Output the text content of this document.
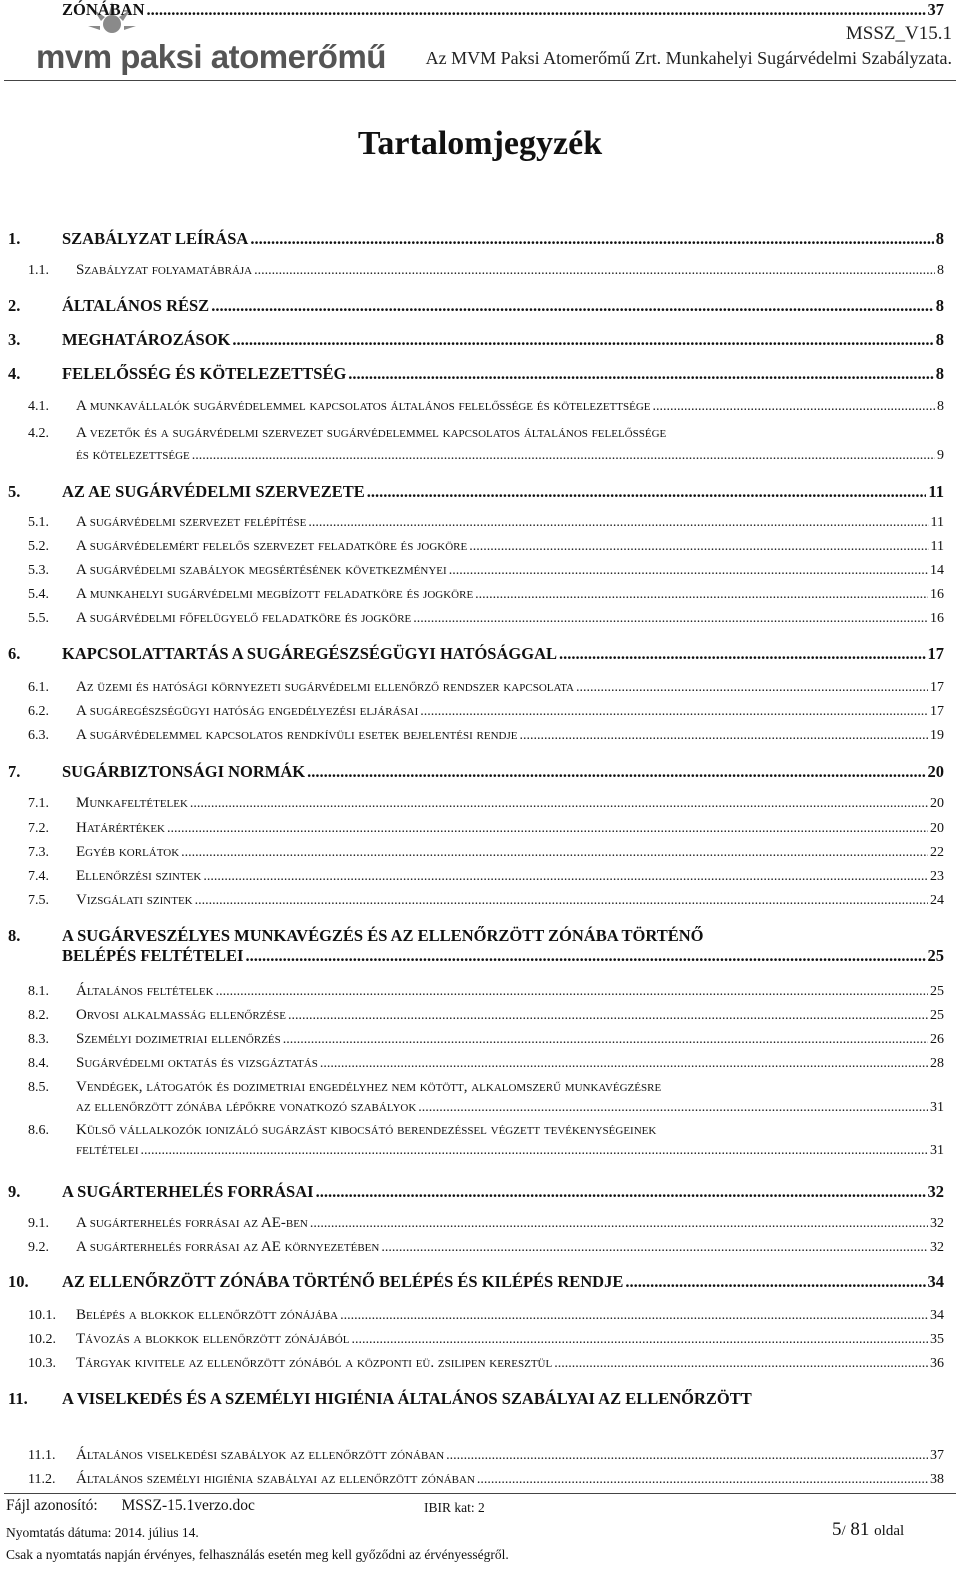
mvm paksi atomerőmű
MSSZ_V15.1
Az MVM Paksi Atomerőmű Zrt. Munkahelyi Sugárvédelmi Szabályzata.
Tartalomjegyzék
1.	SZABÁLYZAT LEÍRÁSA .....	8
1.1.	Szabályzat folyamatábrája .....	8
2.	ÁLTALÁNOS RÉSZ .....	8
3.	MEGHATÁROZÁSOK .....	8
4.	FELELŐSSÉG ÉS KÖTELEZETTSÉG .....	8
4.1.	A munkavállalók sugárvédelemmel kapcsolatos általános felelőssége és kötelezettsége .....	8
4.2.	A vezetők és a sugárvédelmi szervezet sugárvédelemmel kapcsolatos általános felelőssége
és kötelezettsége .....	9
5.	AZ AE SUGÁRVÉDELMI SZERVEZETE .....	11
5.1.	A sugárvédelmi szervezet felépítése .....	11
5.2.	A sugárvédelemért felelős szervezet feladatköre és jogköre .....	11
5.3.	A sugárvédelmi szabályok megsértésének következményei .....	14
5.4.	A munkahelyi sugárvédelmi megbízott feladatköre és jogköre .....	16
5.5.	A sugárvédelmi főfelügyelő feladatköre és jogköre .....	16
6.	KAPCSOLATTARTÁS A SUGÁREGÉSZSÉGÜGYI HATÓSÁGGAL .....	17
6.1.	Az üzemi és hatósági környezeti sugárvédelmi ellenőrző rendszer kapcsolata .....	17
6.2.	A sugáregészségügyi hatóság engedélyezési eljárásai .....	17
6.3.	A sugárvédelemmel kapcsolatos rendkívüli esetek bejelentési rendje .....	19
7.	SUGÁRBIZTONSÁGI NORMÁK .....	20
7.1.	Munkafeltételek .....	20
7.2.	Határértékek .....	20
7.3.	Egyéb korlátok .....	22
7.4.	Ellenőrzési szintek .....	23
7.5.	Vizsgálati szintek .....	24
8.	A SUGÁRVESZÉLYES MUNKAVÉGZÉS ÉS AZ ELLENŐRZÖTT ZÓNÁBA TÖRTÉNŐ
BELÉPÉS FELTÉTELEI .....	25
8.1.	Általános feltételek .....	25
8.2.	Orvosi alkalmasság ellenőrzése .....	25
8.3.	Személyi dozimetriai ellenőrzés .....	26
8.4.	Sugárvédelmi oktatás és vizsgáztatás .....	28
8.5.	Vendégek, látogatók és dozimetriai engedélyhez nem kötött, alkalomszerű munkavégzésre
az ellenőrzött zónába lépőkre vonatkozó szabályok .....	31
8.6.	Külső vállalkozók ionizáló sugárzást kibocsátó berendezéssel végzett tevékenységeinek
feltételei .....	31
9.	A SUGÁRTERHELÉS FORRÁSAI .....	32
9.1.	A sugárterhelés forrásai az AE-ben .....	32
9.2.	A sugárterhelés forrásai az AE környezetében .....	32
10.	AZ ELLENŐRZÖTT ZÓNÁBA TÖRTÉNŐ BELÉPÉS ÉS KILÉPÉS RENDJE .....	34
10.1.	Belépés a blokkok ellenőrzött zónájába .....	34
10.2.	Távozás a blokkok ellenőrzött zónájából .....	35
10.3.	Tárgyak kivitele az ellenőrzött zónából a központi eü. zsilipen keresztül .....	36
11.	A VISELKEDÉS ÉS A SZEMÉLYI HIGIÉNIA ÁLTALÁNOS SZABÁLYAI AZ ELLENŐRZÖTT
ZÓNÁBAN .....	37
11.1.	Általános viselkedési szabályok az ellenőrzött zónában .....	37
11.2.	Általános személyi higiénia szabályai az ellenőrzött zónában .....	38
Fájl azonosító: MSSZ-15.1verzo.doc	IBIR kat: 2
Nyomtatás dátuma: 2014. július 14.	5/ 81 oldal
Csak a nyomtatás napján érvényes, felhasználás esetén meg kell győződni az érvényességről.
